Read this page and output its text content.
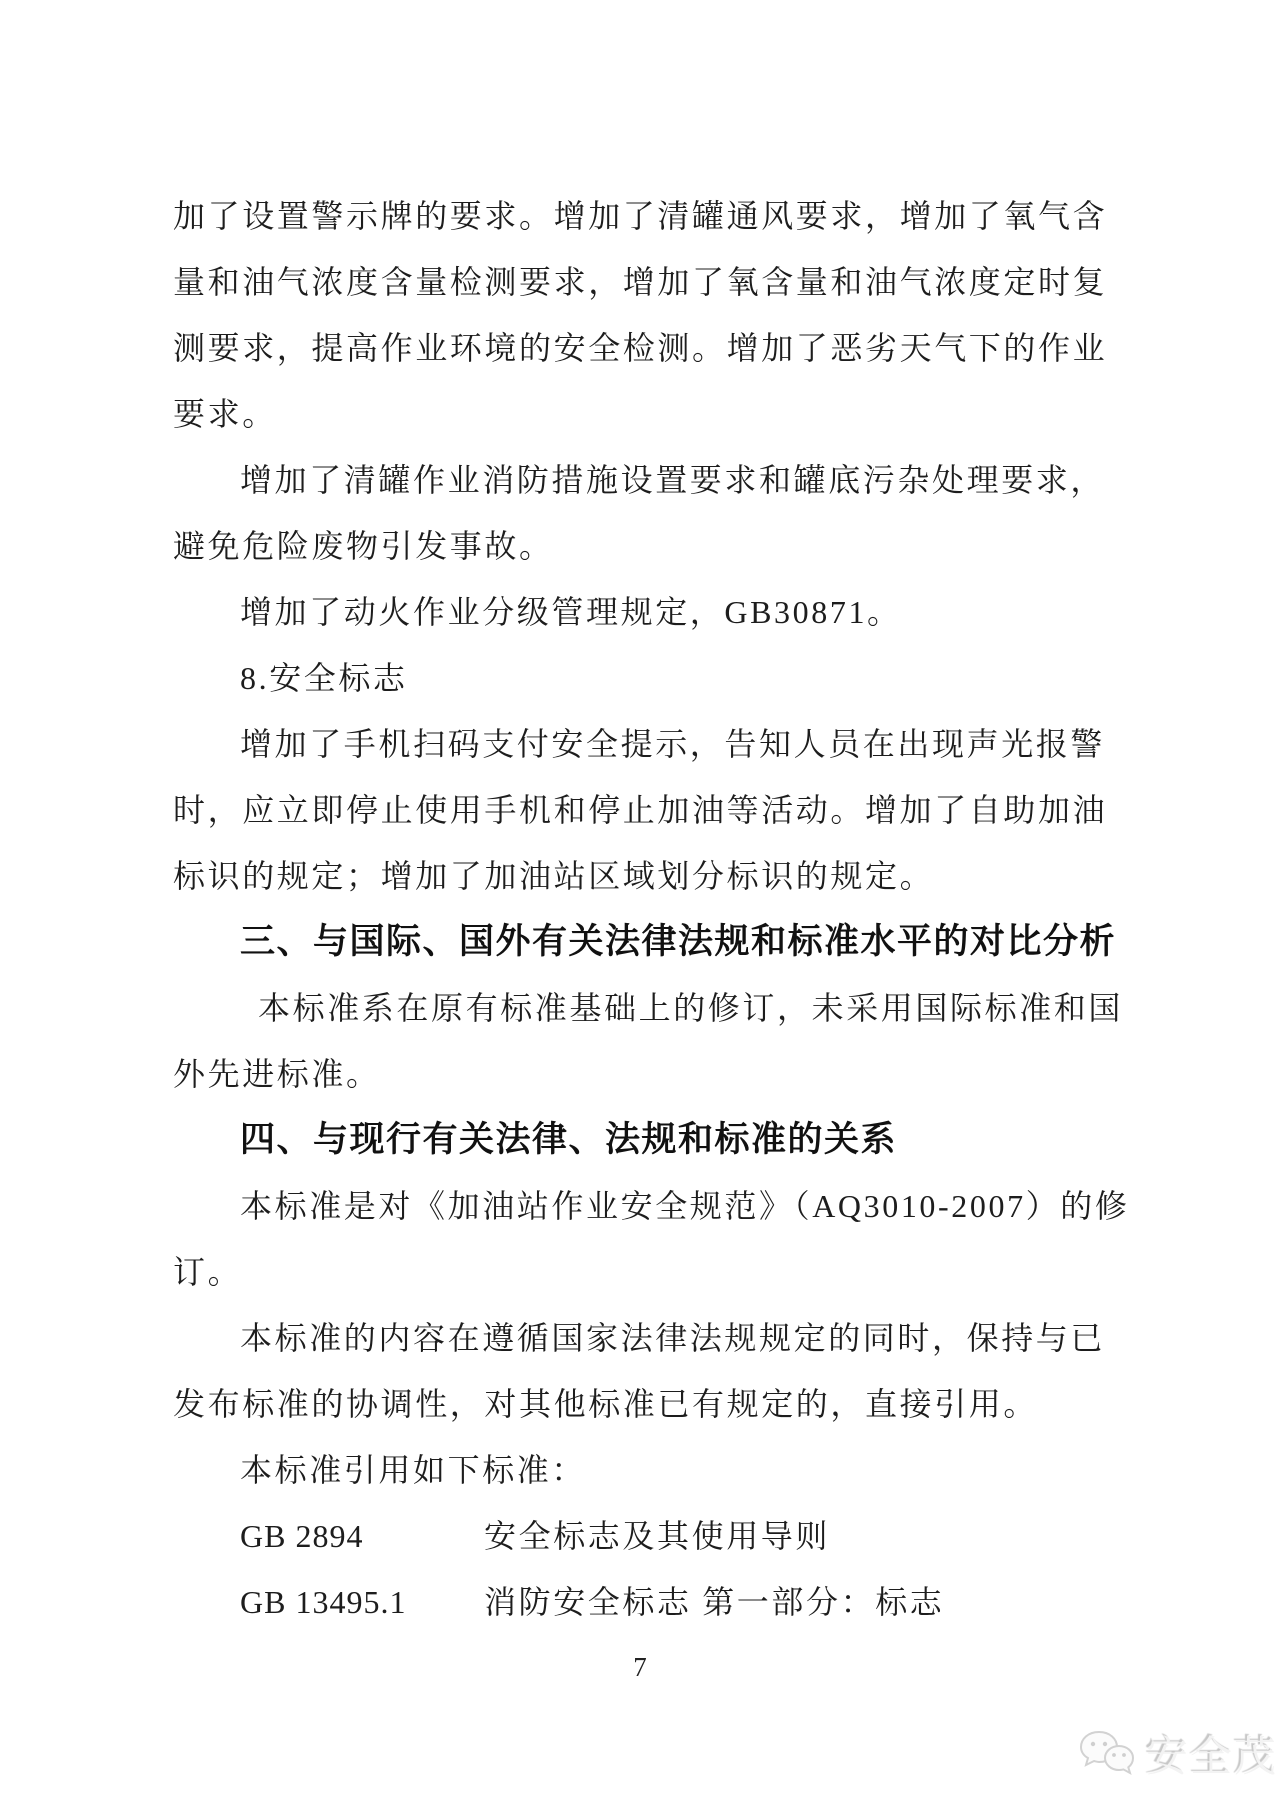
加了设置警示牌的要求。增加了清罐通风要求，增加了氧气含
量和油气浓度含量检测要求，增加了氧含量和油气浓度定时复
测要求，提高作业环境的安全检测。增加了恶劣天气下的作业
要求。
增加了清罐作业消防措施设置要求和罐底污杂处理要求，
避免危险废物引发事故。
增加了动火作业分级管理规定，GB30871。
8.安全标志
增加了手机扫码支付安全提示，告知人员在出现声光报警
时，应立即停止使用手机和停止加油等活动。增加了自助加油
标识的规定；增加了加油站区域划分标识的规定。
三、与国际、国外有关法律法规和标准水平的对比分析
本标准系在原有标准基础上的修订，未采用国际标准和国
外先进标准。
四、与现行有关法律、法规和标准的关系
本标准是对《加油站作业安全规范》（AQ3010-2007）的修
订。
本标准的内容在遵循国家法律法规规定的同时，保持与已
发布标准的协调性，对其他标准已有规定的，直接引用。
本标准引用如下标准：
GB 2894	安全标志及其使用导则
GB 13495.1 消防安全标志 第一部分：标志
7
安全茂
